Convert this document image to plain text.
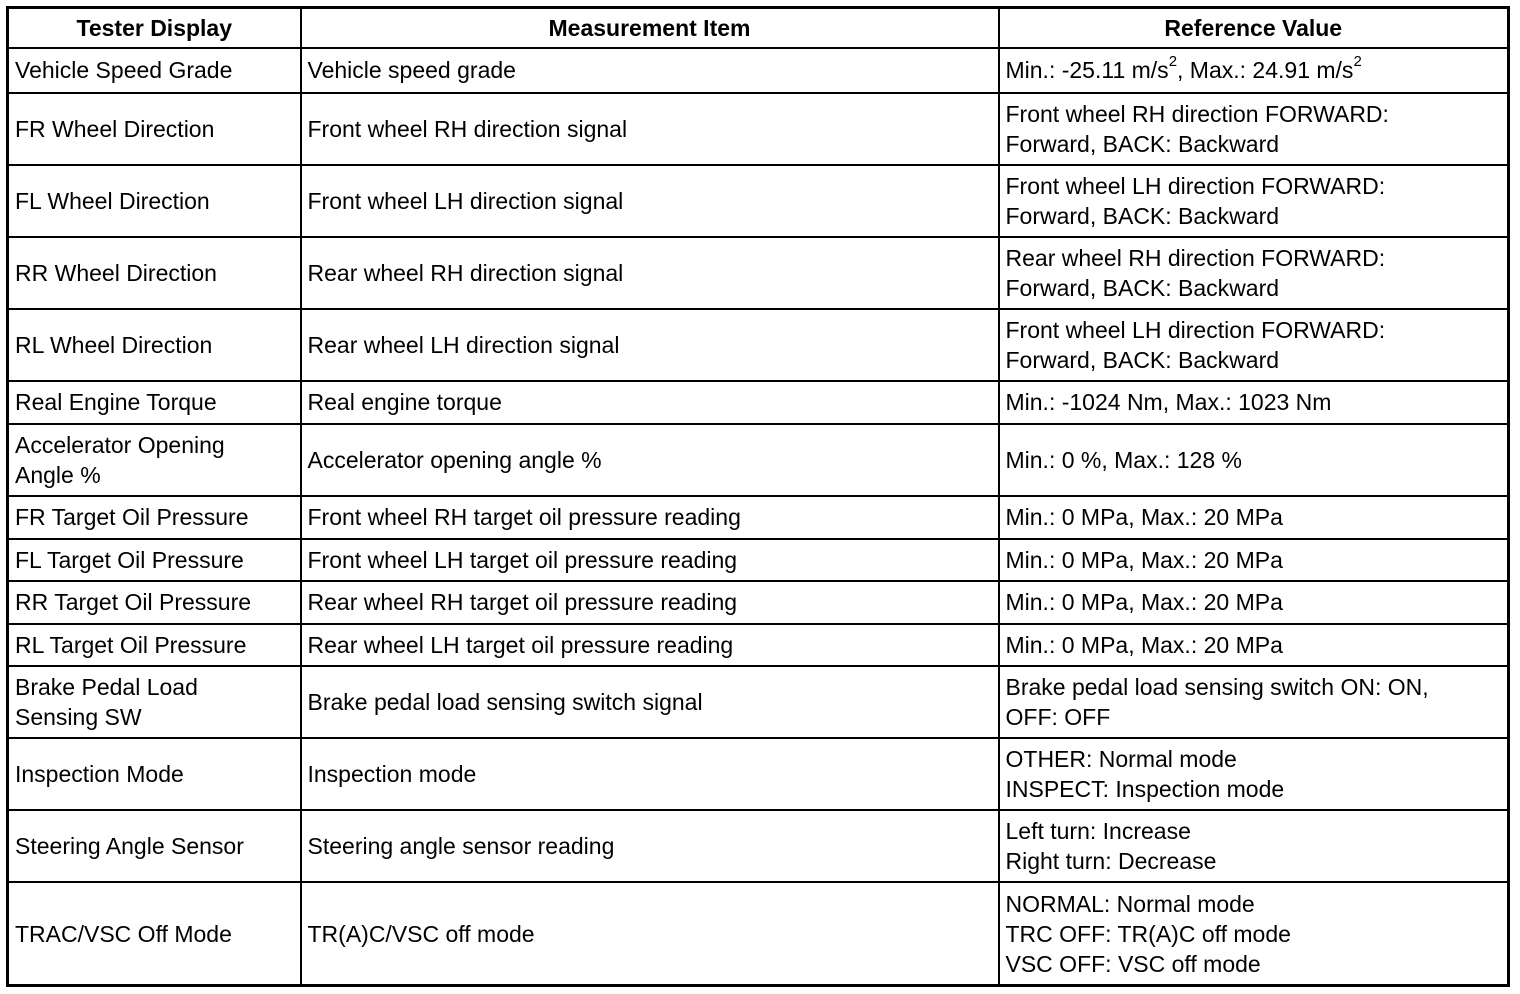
Tester Display	Measurement Item	Reference Value
Vehicle Speed Grade	Vehicle speed grade	Min.: -25.11 $m/s^2$, Max.: 24.91 $m/s^2$

FR Wheel Direction	Front wheel RH direction signal	Front wheel RH direction FORWARD:
Forward, BACK: Backward

FL Wheel Direction	Front wheel LH direction signal	Front wheel LH direction FORWARD:
Forward, BACK: Backward

RR Wheel Direction	Rear wheel RH direction signal	Rear wheel RH direction FORWARD:
Forward, BACK: Backward

RL Wheel Direction	Rear wheel LH direction signal	Front wheel LH direction FORWARD:
Forward, BACK: Backward

Real Engine Torque	Real engine torque	Min.: -1024 Nm, Max.: 1023 Nm

Accelerator Opening
Angle %	Accelerator opening angle %	Min.: 0 %, Max.: 128 %

FR Target Oil Pressure	Front wheel RH target oil pressure reading	Min.: 0 MPa, Max.: 20 MPa

FL Target Oil Pressure	Front wheel LH target oil pressure reading	Min.: 0 MPa, Max.: 20 MPa

RR Target Oil Pressure	Rear wheel RH target oil pressure reading	Min.: 0 MPa, Max.: 20 MPa

RL Target Oil Pressure	Rear wheel LH target oil pressure reading	Min.: 0 MPa, Max.: 20 MPa

Brake Pedal Load
Sensing SW	Brake pedal load sensing switch signal	Brake pedal load sensing switch ON: ON,
OFF: OFF

Inspection Mode	Inspection mode	OTHER: Normal mode
INSPECT: Inspection mode

Steering Angle Sensor	Steering angle sensor reading	Left turn: Increase
Right turn: Decrease

TRAC/VSC Off Mode	TR(A)C/VSC off mode	NORMAL: Normal mode
TRC OFF: TR(A)C off mode
VSC OFF: VSC off mode
